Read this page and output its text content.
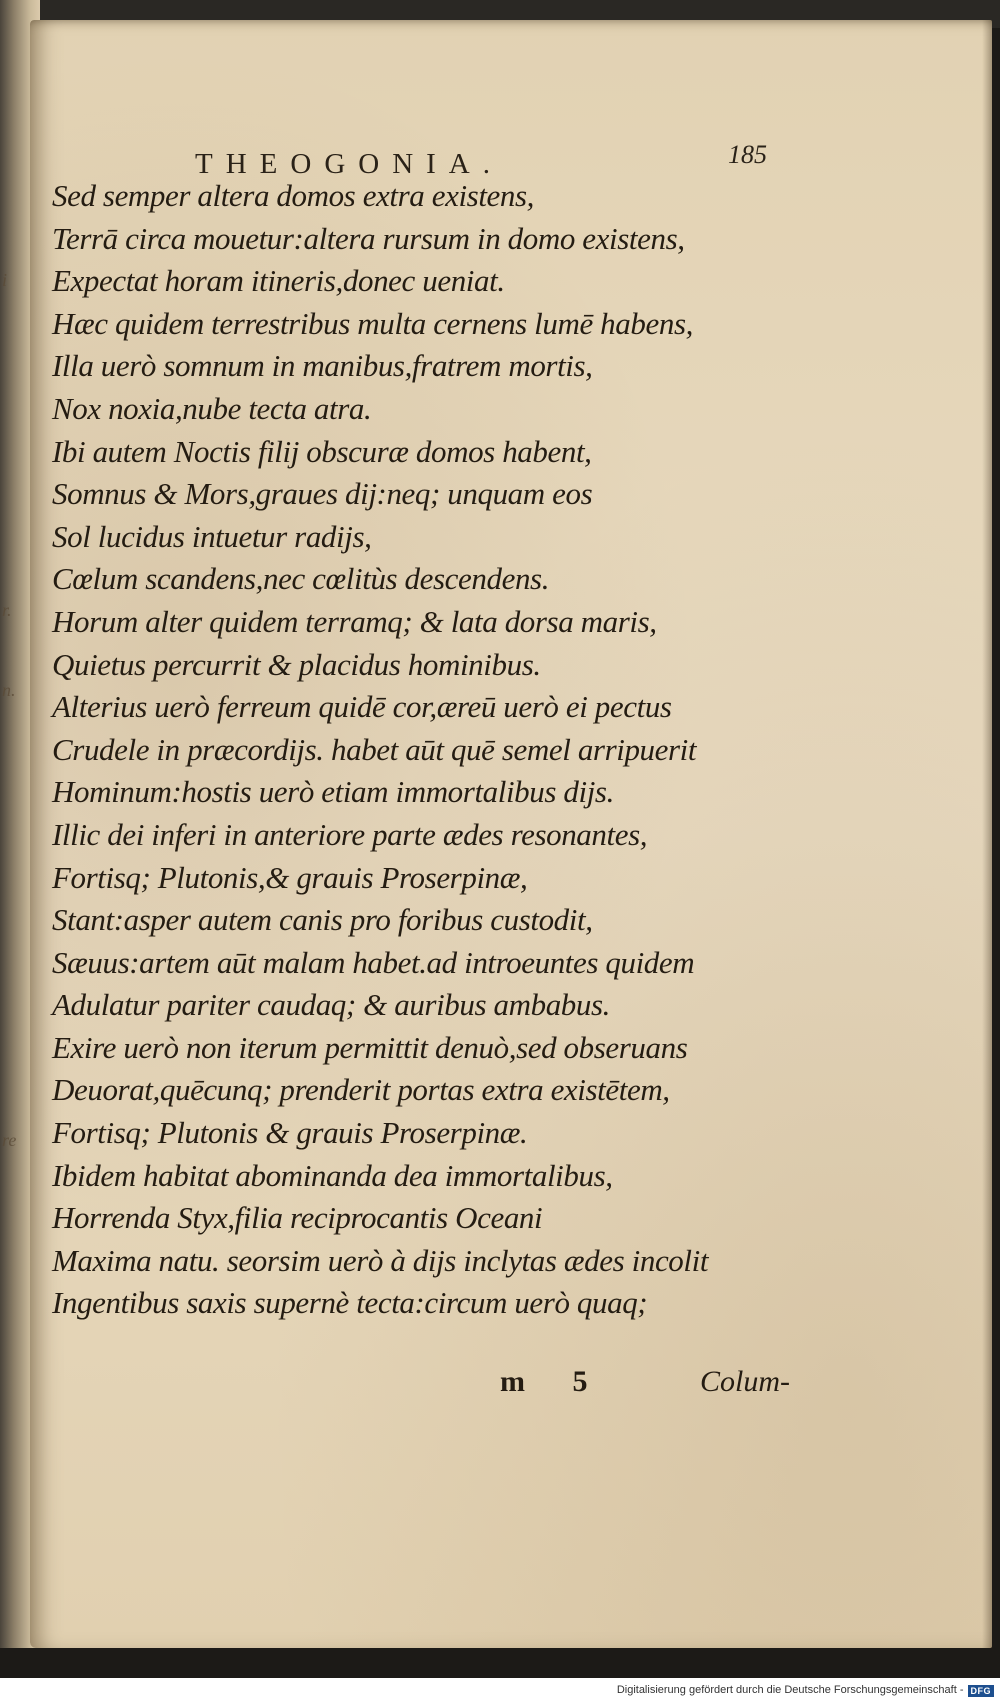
i
r.
n.
re
THEOGONIA.	185
Sed semper altera domos extra existens,
Terrā circa mouetur:altera rursum in domo existens,
Expectat horam itineris,donec ueniat.
Hæc quidem terrestribus multa cernens lumē habens,
Illa uerò somnum in manibus,fratrem mortis,
Nox noxia,nube tecta atra.
Ibi autem Noctis filij obscuræ domos habent,
Somnus & Mors,graues dij:neq; unquam eos
Sol lucidus intuetur radijs,
Cœlum scandens,nec cœlitùs descendens.
Horum alter quidem terramq; & lata dorsa maris,
Quietus percurrit & placidus hominibus.
Alterius uerò ferreum quidē cor,æreū uerò ei pectus
Crudele in præcordijs. habet aūt quē semel arripuerit
Hominum:hostis uerò etiam immortalibus dijs.
Illic dei inferi in anteriore parte ædes resonantes,
Fortisq; Plutonis,& grauis Proserpinæ,
Stant:asper autem canis pro foribus custodit,
Sæuus:artem aūt malam habet.ad introeuntes quidem
Adulatur pariter caudaq; & auribus ambabus.
Exire uerò non iterum permittit denuò,sed obseruans
Deuorat,quēcunq; prenderit portas extra existētem,
Fortisq; Plutonis & grauis Proserpinæ.
Ibidem habitat abominanda dea immortalibus,
Horrenda Styx,filia reciprocantis Oceani
Maxima natu. seorsim uerò à dijs inclytas ædes incolit
Ingentibus saxis supernè tecta:circum uerò quaq;
m 5	Colum-
Digitalisierung gefördert durch die Deutsche Forschungsgemeinschaft - DFG
